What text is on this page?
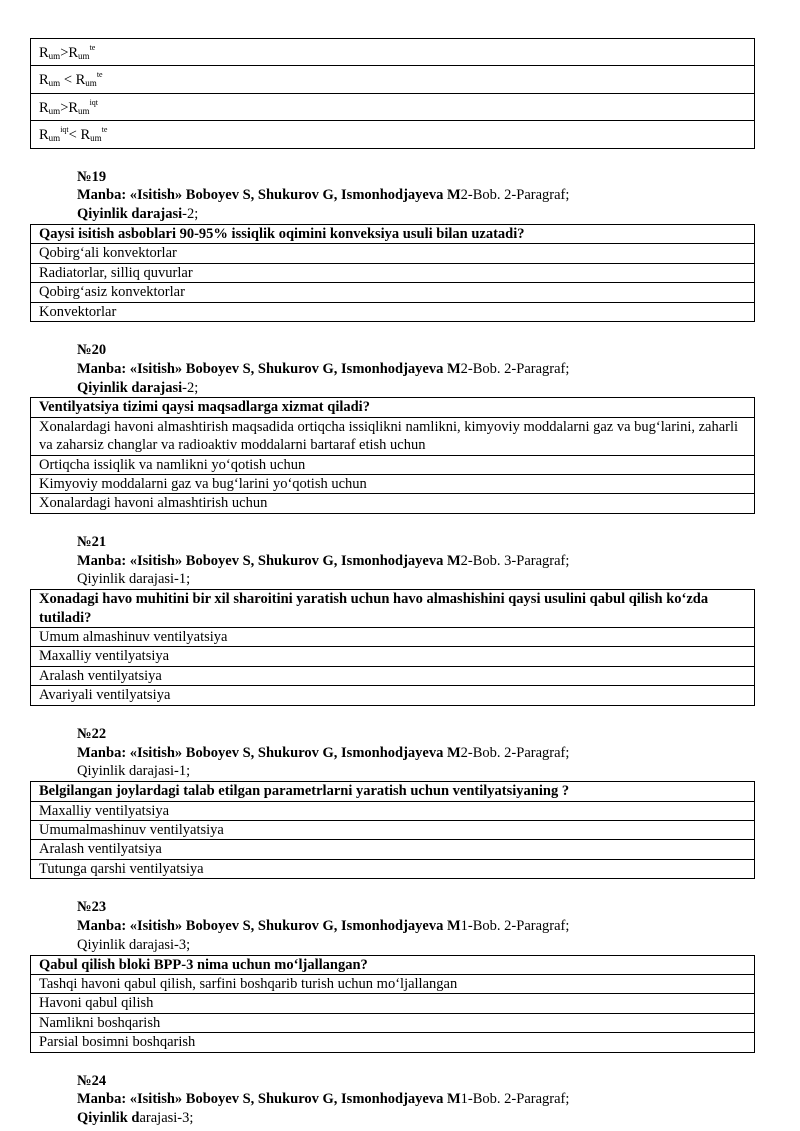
$R_{um}>R_{um}^{te}$
$R_{um} < R_{um}^{te}$
$R_{um}>R_{um}^{iqt}$
$R_{um}^{iqt}< R_{um}^{te}$
№19
Manba: «Isitish» Boboyev S, Shukurov G, Ismonhodjayeva M2-Bob. 2-Paragraf;
Qiyinlik darajasi-2;
Qaysi isitish asboblari 90-95% issiqlik oqimini konveksiya usuli bilan uzatadi?
Qobirg‘ali konvektorlar
Radiatorlar, silliq quvurlar
Qobirg‘asiz konvektorlar
Konvektorlar
№20
Manba: «Isitish» Boboyev S, Shukurov G, Ismonhodjayeva M2-Bob. 2-Paragraf;
Qiyinlik darajasi-2;
Ventilyatsiya tizimi qaysi maqsadlarga xizmat qiladi?
Xonalardagi havoni almashtirish maqsadida ortiqcha issiqlikni namlikni, kimyoviy moddalarni gaz va bug‘larini, zaharli va zaharsiz changlar va radioaktiv moddalarni bartaraf etish uchun
Ortiqcha issiqlik va namlikni yo‘qotish uchun
Kimyoviy moddalarni gaz va bug‘larini yo‘qotish uchun
Xonalardagi havoni almashtirish uchun
№21
Manba: «Isitish» Boboyev S, Shukurov G, Ismonhodjayeva M2-Bob. 3-Paragraf;
Qiyinlik darajasi-1;
Xonadagi havo muhitini bir xil sharoitini yaratish uchun havo almashishini qaysi usulini qabul qilish ko‘zda tutiladi?
Umum almashinuv ventilyatsiya
Maxalliy ventilyatsiya
Aralash ventilyatsiya
Avariyali ventilyatsiya
№22
Manba: «Isitish» Boboyev S, Shukurov G, Ismonhodjayeva M2-Bob. 2-Paragraf;
Qiyinlik darajasi-1;
Belgilangan joylardagi talab etilgan parametrlarni yaratish uchun ventilyatsiyaning ?
Maxalliy ventilyatsiya
Umumalmashinuv ventilyatsiya
Aralash ventilyatsiya
Tutunga qarshi ventilyatsiya
№23
Manba: «Isitish» Boboyev S, Shukurov G, Ismonhodjayeva M1-Bob. 2-Paragraf;
Qiyinlik darajasi-3;
Qabul qilish bloki BPP-3 nima uchun mo‘ljallangan?
Tashqi havoni qabul qilish, sarfini boshqarib turish uchun mo‘ljallangan
Havoni qabul qilish
Namlikni boshqarish
Parsial bosimni boshqarish
№24
Manba: «Isitish» Boboyev S, Shukurov G, Ismonhodjayeva M1-Bob. 2-Paragraf;
Qiyinlik darajasi-3;
